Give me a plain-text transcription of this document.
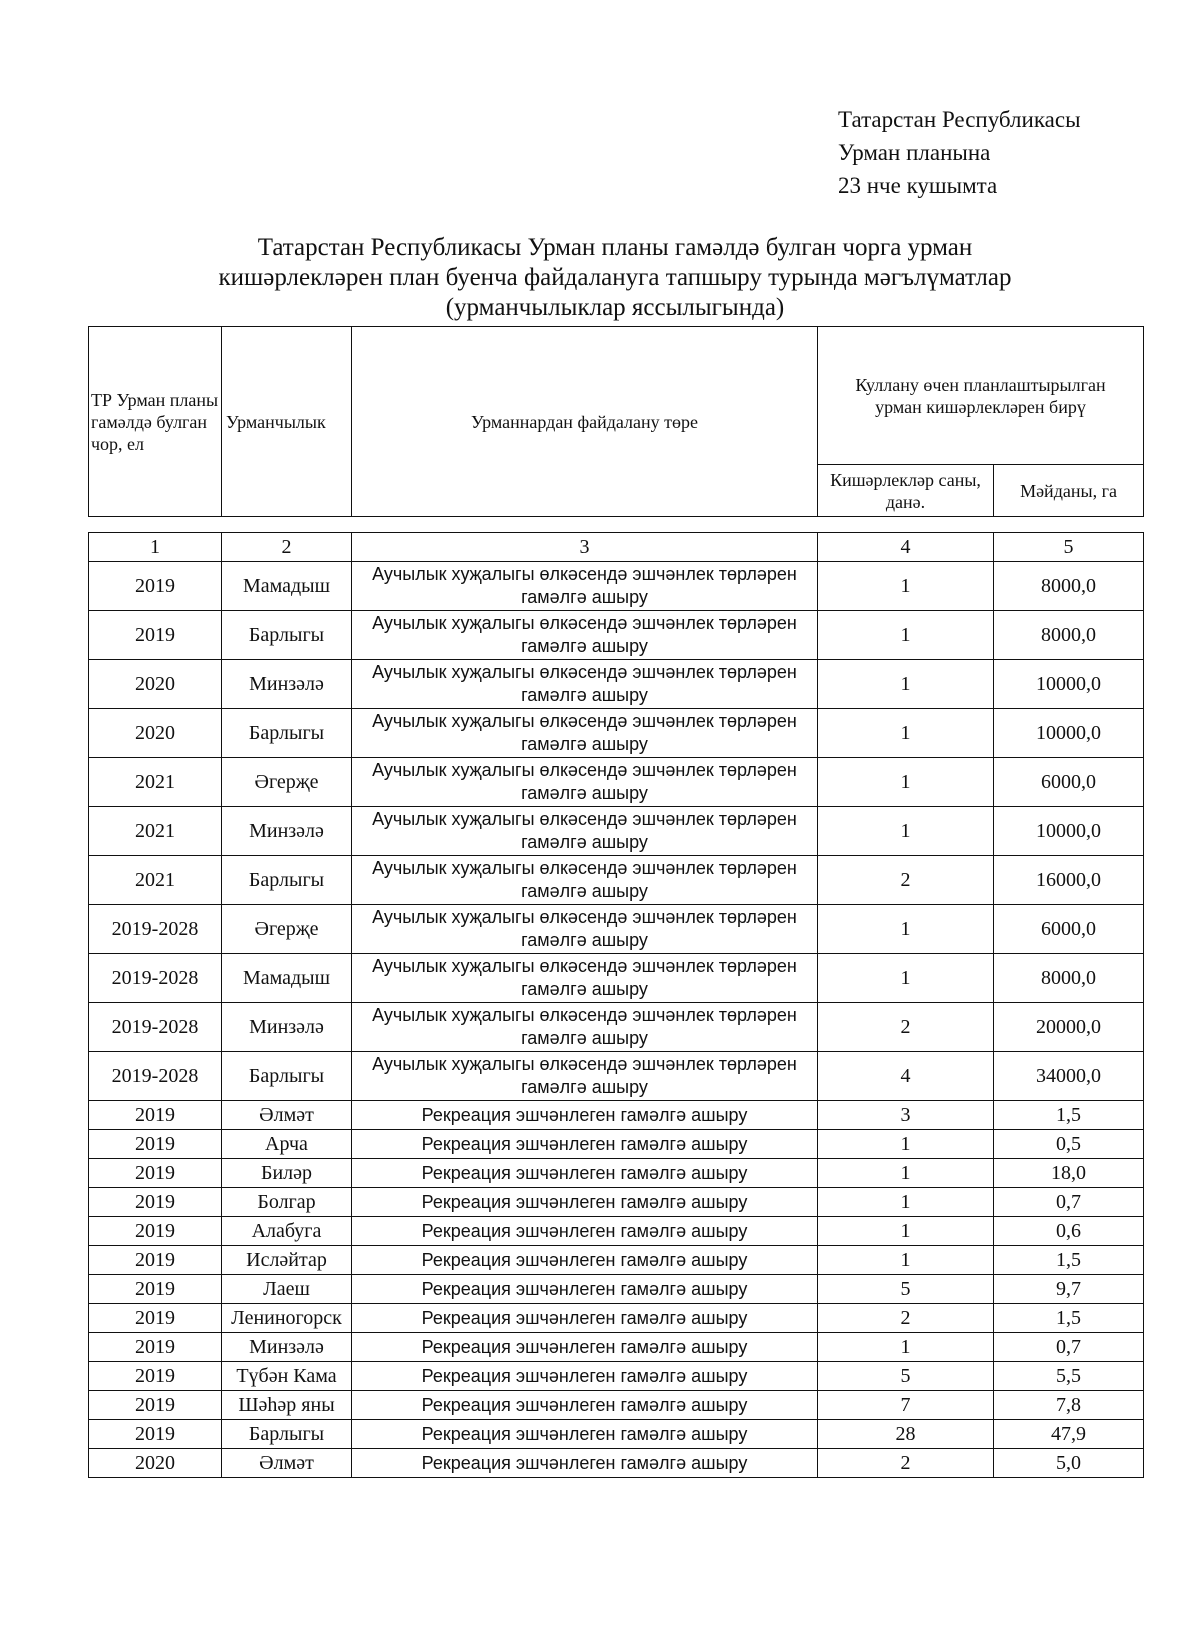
Татарстан Республикасы
Урман планына
23 нче кушымта
Татарстан Республикасы Урман планы гамәлдә булган чорга урман
кишәрлекләрен план буенча файдалануга тапшыру турында мәгълүматлар
(урманчылыклар яссылыгында)
ТР Урман планы гамәлдә булган чор, ел	Урманчылык	Урманнардан файдалану төре	Куллану өчен планлаштырылган урман кишәрлекләрен бирү	
			Кишәрлекләр саны, данә.	Мәйданы, га
1	2	3	4	5
2019	Мамадыш	Аучылык хуҗалыгы өлкәсендә эшчәнлек төрләрен гамәлгә ашыру	1	8000,0
2019	Барлыгы	Аучылык хуҗалыгы өлкәсендә эшчәнлек төрләрен гамәлгә ашыру	1	8000,0
2020	Минзәлә	Аучылык хуҗалыгы өлкәсендә эшчәнлек төрләрен гамәлгә ашыру	1	10000,0
2020	Барлыгы	Аучылык хуҗалыгы өлкәсендә эшчәнлек төрләрен гамәлгә ашыру	1	10000,0
2021	Әгерҗе	Аучылык хуҗалыгы өлкәсендә эшчәнлек төрләрен гамәлгә ашыру	1	6000,0
2021	Минзәлә	Аучылык хуҗалыгы өлкәсендә эшчәнлек төрләрен гамәлгә ашыру	1	10000,0
2021	Барлыгы	Аучылык хуҗалыгы өлкәсендә эшчәнлек төрләрен гамәлгә ашыру	2	16000,0
2019-2028	Әгерҗе	Аучылык хуҗалыгы өлкәсендә эшчәнлек төрләрен гамәлгә ашыру	1	6000,0
2019-2028	Мамадыш	Аучылык хуҗалыгы өлкәсендә эшчәнлек төрләрен гамәлгә ашыру	1	8000,0
2019-2028	Минзәлә	Аучылык хуҗалыгы өлкәсендә эшчәнлек төрләрен гамәлгә ашыру	2	20000,0
2019-2028	Барлыгы	Аучылык хуҗалыгы өлкәсендә эшчәнлек төрләрен гамәлгә ашыру	4	34000,0
2019	Әлмәт	Рекреация эшчәнлеген гамәлгә ашыру	3	1,5
2019	Арча	Рекреация эшчәнлеген гамәлгә ашыру	1	0,5
2019	Биләр	Рекреация эшчәнлеген гамәлгә ашыру	1	18,0
2019	Болгар	Рекреация эшчәнлеген гамәлгә ашыру	1	0,7
2019	Алабуга	Рекреация эшчәнлеген гамәлгә ашыру	1	0,6
2019	Ислəйтар	Рекреация эшчәнлеген гамәлгә ашыру	1	1,5
2019	Лаеш	Рекреация эшчәнлеген гамәлгә ашыру	5	9,7
2019	Лениногорск	Рекреация эшчәнлеген гамәлгә ашыру	2	1,5
2019	Минзәлә	Рекреация эшчәнлеген гамәлгә ашыру	1	0,7
2019	Түбән Кама	Рекреация эшчәнлеген гамәлгә ашыру	5	5,5
2019	Шәһәр яны	Рекреация эшчәнлеген гамәлгә ашыру	7	7,8
2019	Барлыгы	Рекреация эшчәнлеген гамәлгә ашыру	28	47,9
2020	Әлмәт	Рекреация эшчәнлеген гамәлгә ашыру	2	5,0
